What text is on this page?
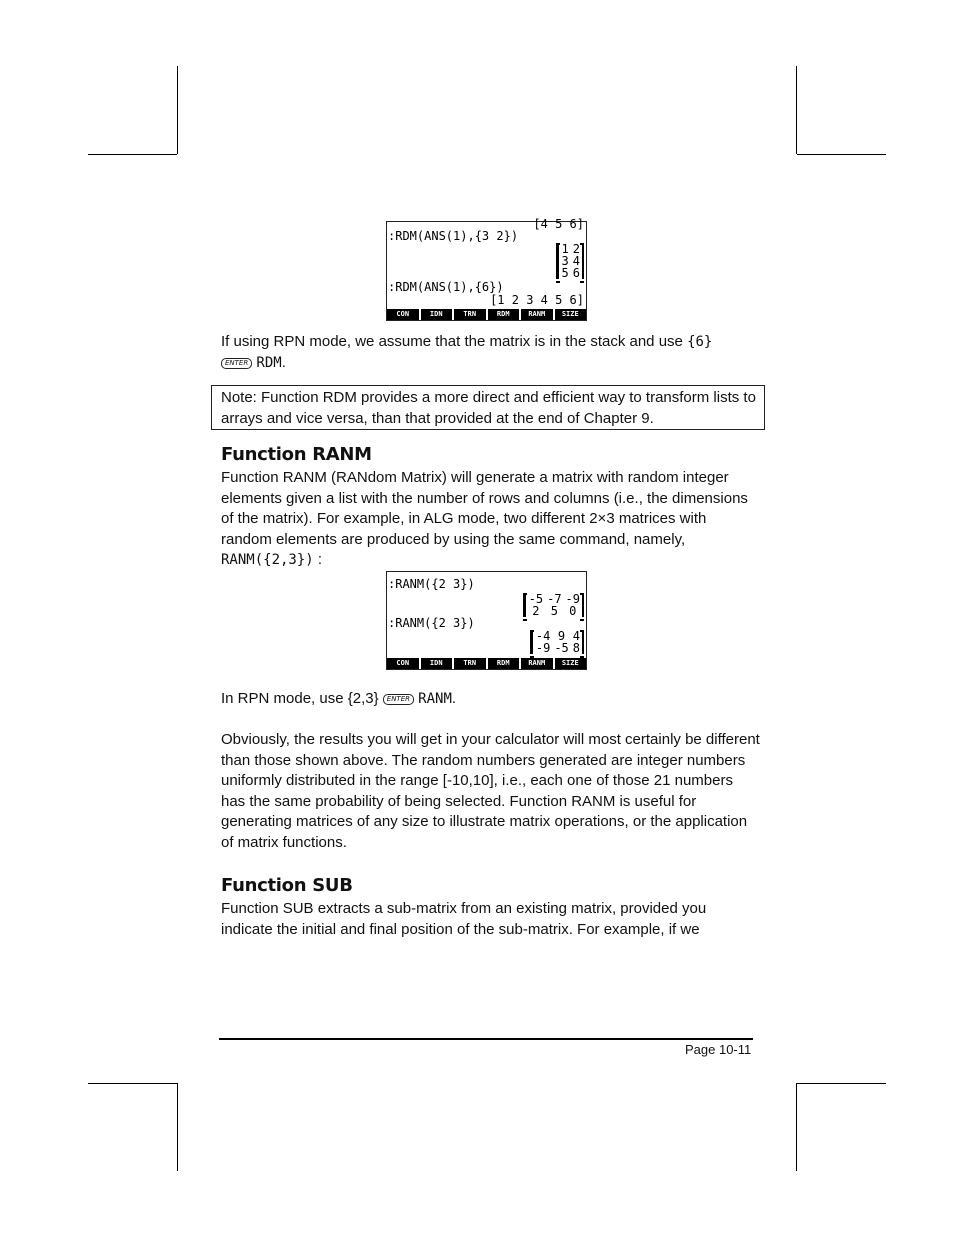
[4 5 6]
:RDM(ANS(1),{3 2})
1 2
3 4
5 6
:RDM(ANS(1),{6})
[1 2 3 4 5 6]
CON	IDN	TRN	RDM	RANM	SIZE
If using RPN mode, we assume that the matrix is in the stack and use {6}
ENTER RDM.
Note: Function RDM provides a more direct and efficient way to transform lists to arrays and vice versa, than that provided at the end of Chapter 9.
Function RANM
Function RANM (RANdom Matrix) will generate a matrix with random integer elements given a list with the number of rows and columns (i.e., the dimensions of the matrix). For example, in ALG mode, two different 2×3 matrices with random elements are produced by using the same command, namely, RANM({2,3}) :
:RANM({2 3})
-5 -7 -9
2 5 0
:RANM({2 3})
-4 9 4
-9 -5 8
CON	IDN	TRN	RDM	RANM	SIZE
In RPN mode, use {2,3} ENTER RANM.
Obviously, the results you will get in your calculator will most certainly be different than those shown above. The random numbers generated are integer numbers uniformly distributed in the range [-10,10], i.e., each one of those 21 numbers has the same probability of being selected. Function RANM is useful for generating matrices of any size to illustrate matrix operations, or the application of matrix functions.
Function SUB
Function SUB extracts a sub-matrix from an existing matrix, provided you indicate the initial and final position of the sub-matrix. For example, if we
Page 10-11
